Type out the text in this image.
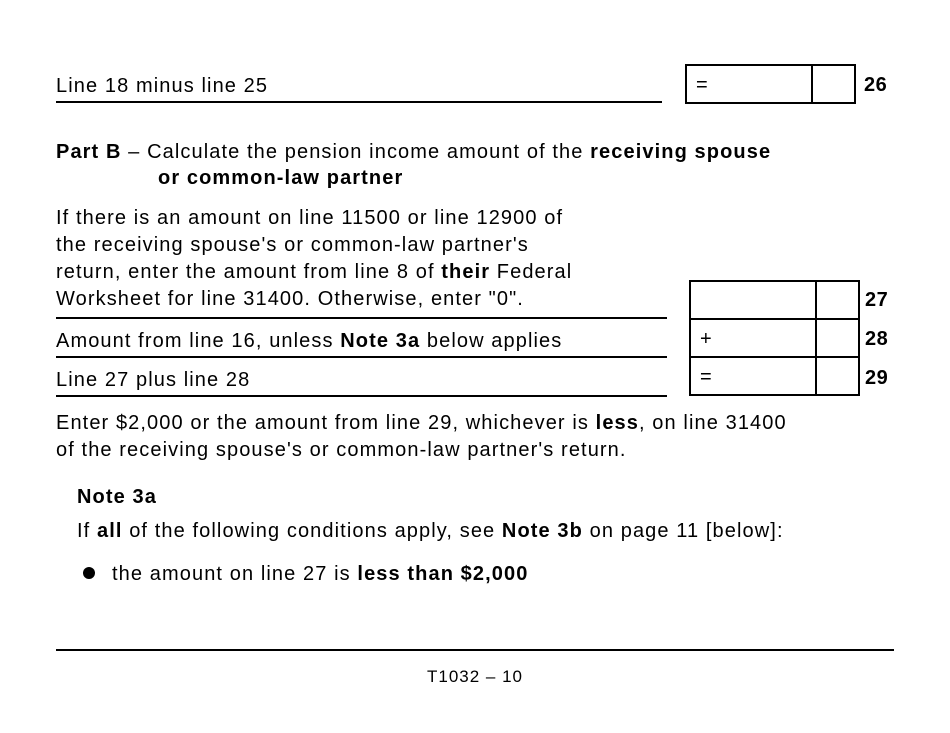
Line 18 minus line 25	=	26
Part B – Calculate the pension income amount of the receiving spouse
or common-law partner
If there is an amount on line 11500 or line 12900 of
the receiving spouse's or common-law partner's
return, enter the amount from line 8 of their Federal
Worksheet for line 31400. Otherwise, enter "0".
Amount from line 16, unless Note 3a below applies
Line 27 plus line 28
+
=
27
28
29
Enter $2,000 or the amount from line 29, whichever is less, on line 31400
of the receiving spouse's or common-law partner's return.
Note 3a
If all of the following conditions apply, see Note 3b on page 11 [below]:
the amount on line 27 is less than $2,000
T1032 – 10
